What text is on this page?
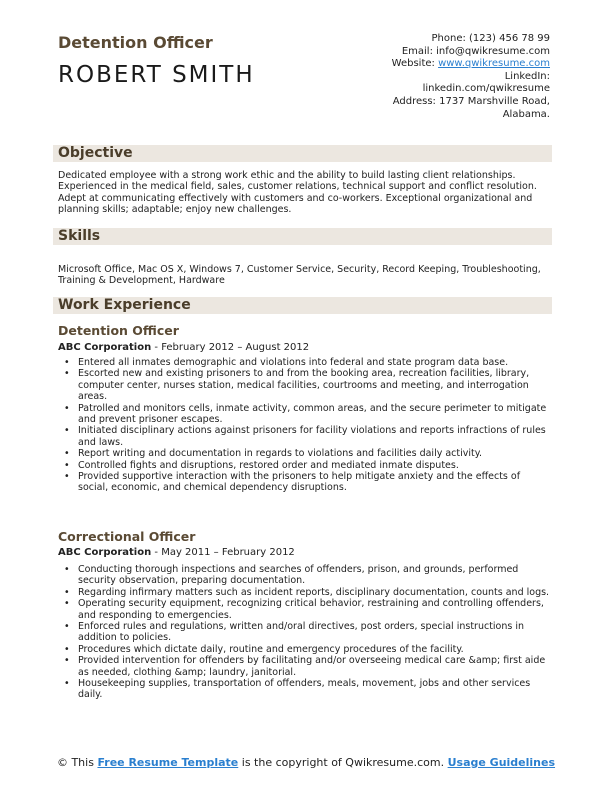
Detention Officer
ROBERT SMITH
Phone: (123) 456 78 99
Email: info@qwikresume.com
Website: www.qwikresume.com
LinkedIn:
linkedin.com/qwikresume
Address: 1737 Marshville Road,
Alabama.
Objective
Dedicated employee with a strong work ethic and the ability to build lasting client relationships. Experienced in the medical field, sales, customer relations, technical support and conflict resolution. Adept at communicating effectively with customers and co-workers. Exceptional organizational and planning skills; adaptable; enjoy new challenges.
Skills
Microsoft Office, Mac OS X, Windows 7, Customer Service, Security, Record Keeping, Troubleshooting, Training & Development, Hardware
Work Experience
Detention Officer
ABC Corporation - February 2012 – August 2012
• Entered all inmates demographic and violations into federal and state program data base.
• Escorted new and existing prisoners to and from the booking area, recreation facilities, library, computer center, nurses station, medical facilities, courtrooms and meeting, and interrogation areas.
• Patrolled and monitors cells, inmate activity, common areas, and the secure perimeter to mitigate and prevent prisoner escapes.
• Initiated disciplinary actions against prisoners for facility violations and reports infractions of rules and laws.
• Report writing and documentation in regards to violations and facilities daily activity.
• Controlled fights and disruptions, restored order and mediated inmate disputes.
• Provided supportive interaction with the prisoners to help mitigate anxiety and the effects of social, economic, and chemical dependency disruptions.
Correctional Officer
ABC Corporation - May 2011 – February 2012
• Conducting thorough inspections and searches of offenders, prison, and grounds, performed security observation, preparing documentation.
• Regarding infirmary matters such as incident reports, disciplinary documentation, counts and logs.
• Operating security equipment, recognizing critical behavior, restraining and controlling offenders, and responding to emergencies.
• Enforced rules and regulations, written and/oral directives, post orders, special instructions in addition to policies.
• Procedures which dictate daily, routine and emergency procedures of the facility.
• Provided intervention for offenders by facilitating and/or overseeing medical care &amp; first aide as needed, clothing &amp; laundry, janitorial.
• Housekeeping supplies, transportation of offenders, meals, movement, jobs and other services daily.
© This Free Resume Template is the copyright of Qwikresume.com. Usage Guidelines
